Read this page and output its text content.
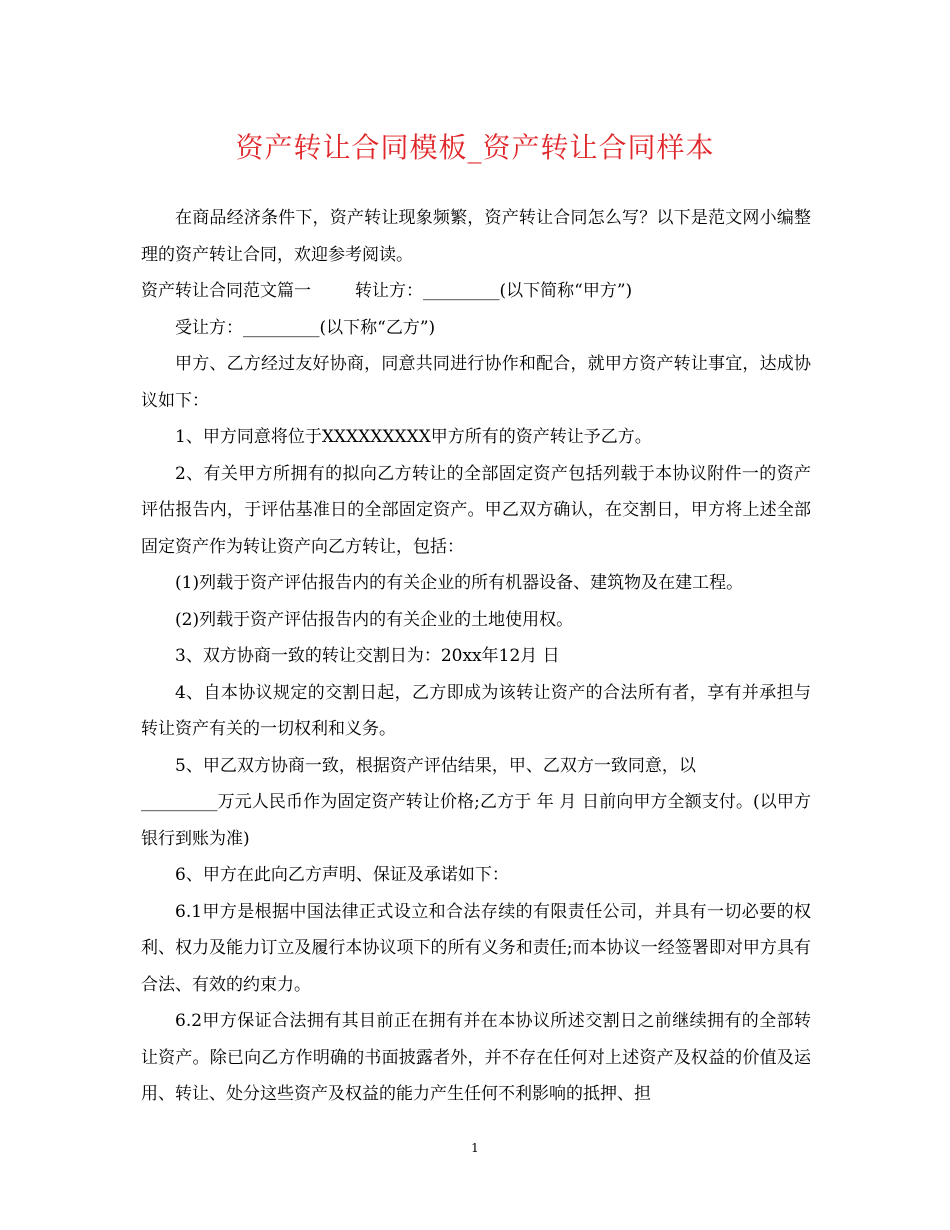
资产转让合同模板_资产转让合同样本

在商品经济条件下，资产转让现象频繁，资产转让合同怎么写？以下是范文网小编整理的资产转让合同，欢迎参考阅读。

资产转让合同范文篇一	转让方：_________(以下简称“甲方”)

受让方：_________(以下称“乙方”)

甲方、乙方经过友好协商，同意共同进行协作和配合，就甲方资产转让事宜，达成协议如下：

1、甲方同意将位于XXXXXXXXX甲方所有的资产转让予乙方。

2、有关甲方所拥有的拟向乙方转让的全部固定资产包括列载于本协议附件一的资产评估报告内，于评估基准日的全部固定资产。甲乙双方确认，在交割日，甲方将上述全部固定资产作为转让资产向乙方转让，包括：

(1)列载于资产评估报告内的有关企业的所有机器设备、建筑物及在建工程。

(2)列载于资产评估报告内的有关企业的土地使用权。

3、双方协商一致的转让交割日为：20xx年12月 日

4、自本协议规定的交割日起，乙方即成为该转让资产的合法所有者，享有并承担与转让资产有关的一切权利和义务。

5、甲乙双方协商一致，根据资产评估结果，甲、乙双方一致同意，以

_________万元人民币作为固定资产转让价格;乙方于 年 月 日前向甲方全额支付。(以甲方银行到账为准)

6、甲方在此向乙方声明、保证及承诺如下：

6.1甲方是根据中国法律正式设立和合法存续的有限责任公司，并具有一切必要的权利、权力及能力订立及履行本协议项下的所有义务和责任;而本协议一经签署即对甲方具有合法、有效的约束力。

6.2甲方保证合法拥有其目前正在拥有并在本协议所述交割日之前继续拥有的全部转让资产。除已向乙方作明确的书面披露者外，并不存在任何对上述资产及权益的价值及运用、转让、处分这些资产及权益的能力产生任何不利影响的抵押、担

1
